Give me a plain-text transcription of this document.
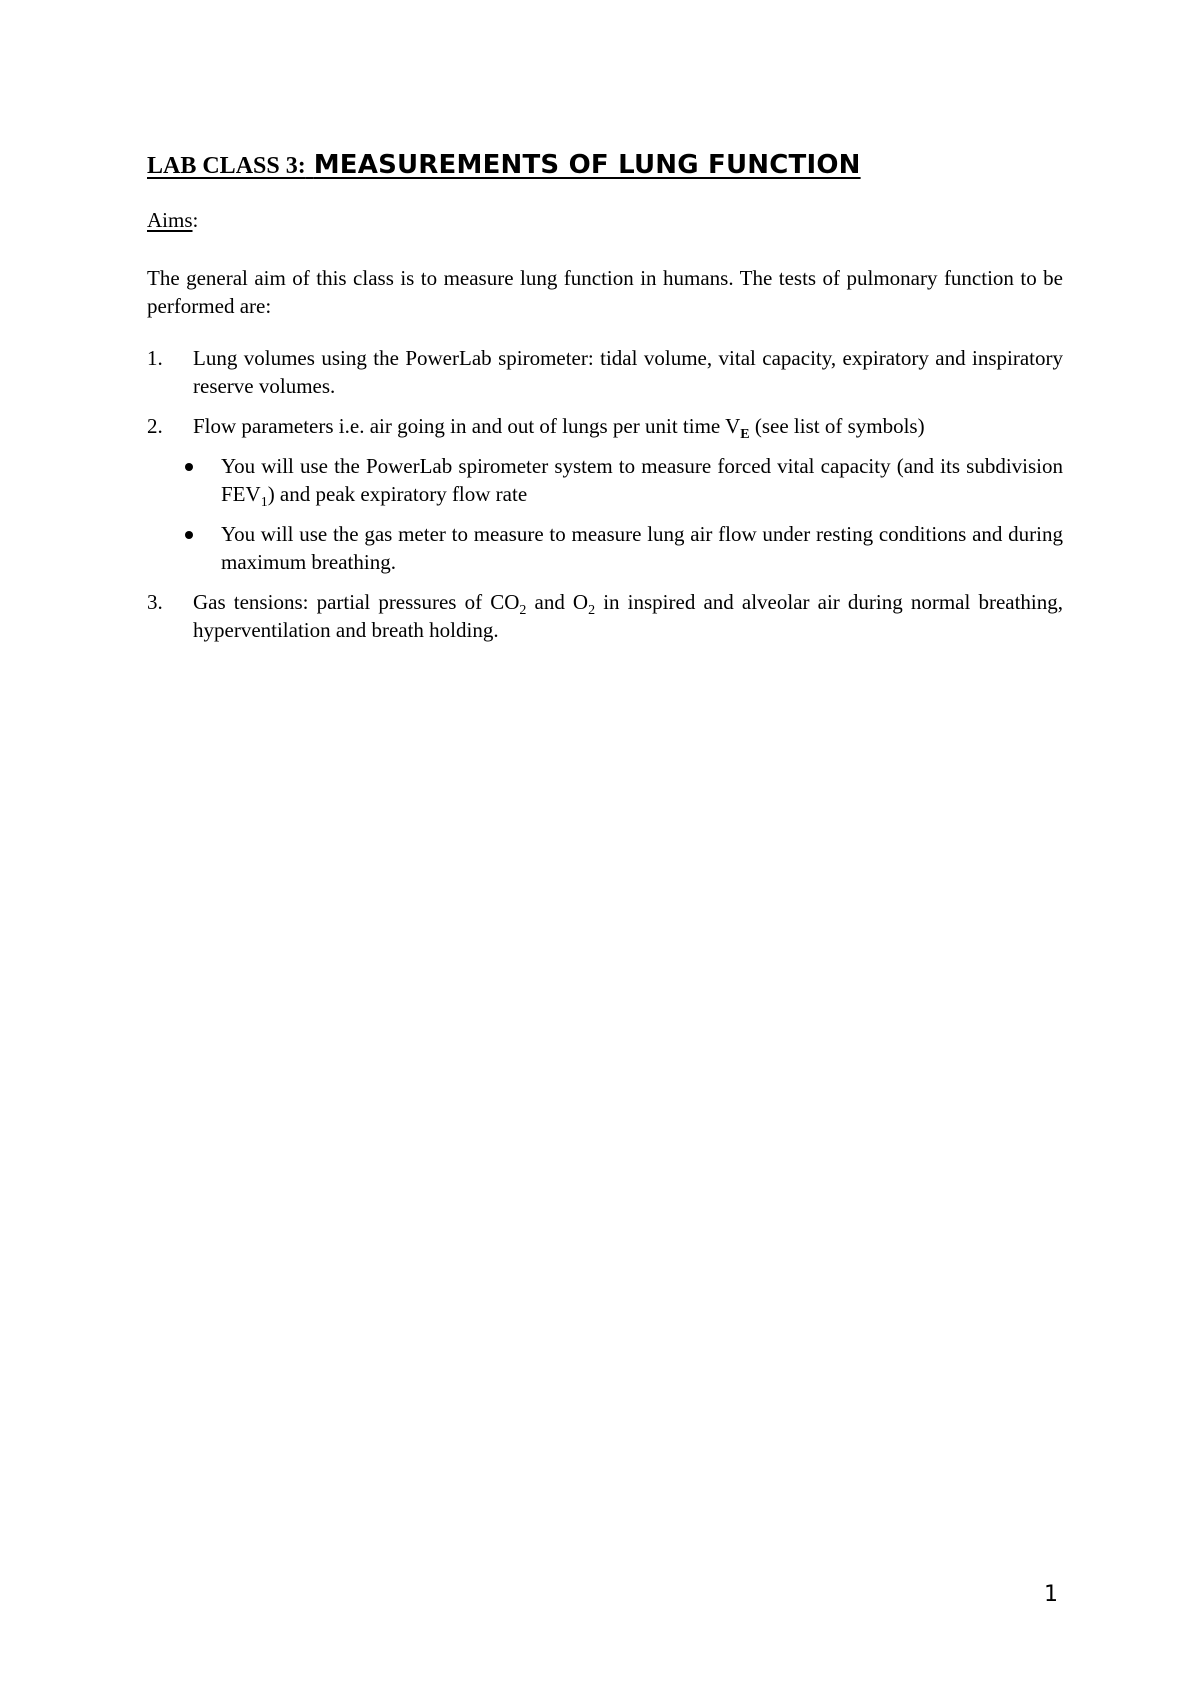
LAB CLASS 3: MEASUREMENTS OF LUNG FUNCTION
Aims:

The general aim of this class is to measure lung function in humans. The tests of pulmonary function to be performed are:

1. Lung volumes using the PowerLab spirometer: tidal volume, vital capacity, expiratory and inspiratory reserve volumes.
2. Flow parameters i.e. air going in and out of lungs per unit time $V_E$ (see list of symbols)
You will use the PowerLab spirometer system to measure forced vital capacity (and its subdivision $FEV_1$) and peak expiratory flow rate
You will use the gas meter to measure to measure lung air flow under resting conditions and during maximum breathing.
3. Gas tensions: partial pressures of $CO_2$ and $O_2$ in inspired and alveolar air during normal breathing, hyperventilation and breath holding.
1
